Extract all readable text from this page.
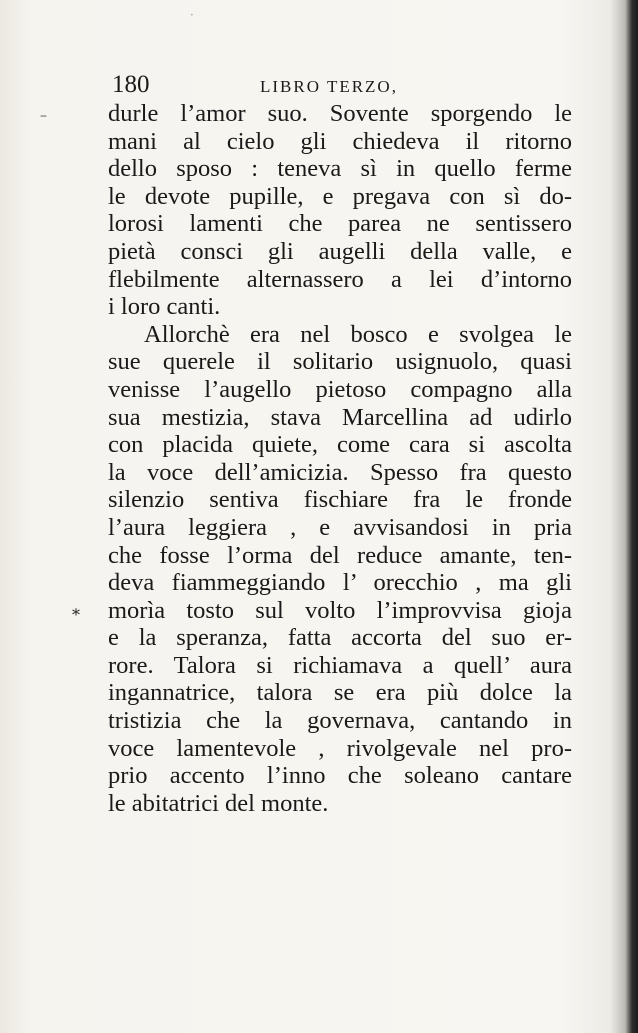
·
–
⁎
180	LIBRO TERZO,
durle l’amor suo. Sovente sporgendo le
mani al cielo gli chiedeva il ritorno
dello sposo : teneva sì in quello ferme
le devote pupille, e pregava con sì do-
lorosi lamenti che parea ne sentissero
pietà consci gli augelli della valle, e
flebilmente alternassero a lei d’intorno
i loro canti.
Allorchè era nel bosco e svolgea le
sue querele il solitario usignuolo, quasi
venisse l’augello pietoso compagno alla
sua mestizia, stava Marcellina ad udirlo
con placida quiete, come cara si ascolta
la voce dell’amicizia. Spesso fra questo
silenzio sentiva fischiare fra le fronde
l’aura leggiera , e avvisandosi in pria
che fosse l’orma del reduce amante, ten-
deva fiammeggiando l’ orecchio , ma gli
morìa tosto sul volto l’improvvisa gioja
e la speranza, fatta accorta del suo er-
rore. Talora si richiamava a quell’ aura
ingannatrice, talora se era più dolce la
tristizia che la governava, cantando in
voce lamentevole , rivolgevale nel pro-
prio accento l’inno che soleano cantare
le abitatrici del monte.
